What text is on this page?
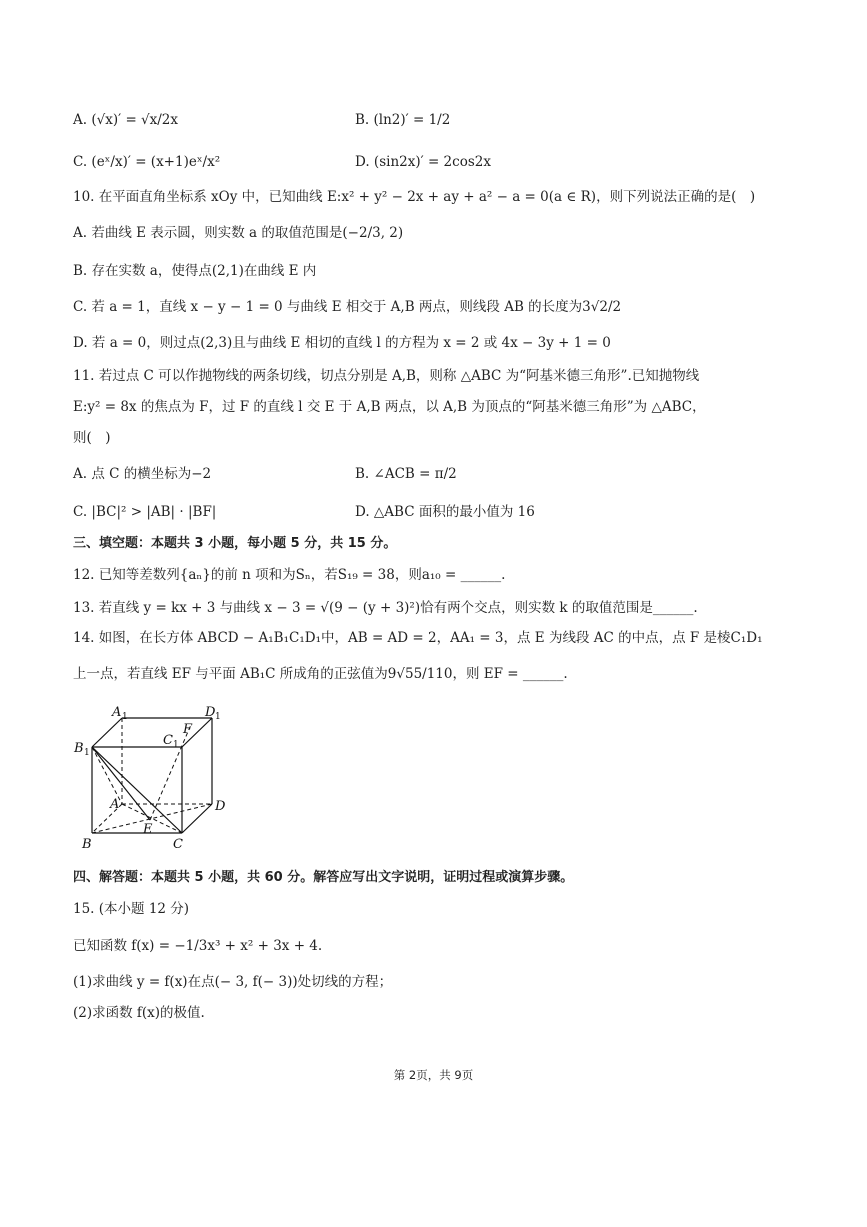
A. (√x)′ = √x/2x	B. (ln2)′ = 1/2
C. (eˣ/x)′ = (x+1)eˣ/x²	D. (sin2x)′ = 2cos2x
10. 在平面直角坐标系 xOy 中，已知曲线 E:x² + y² − 2x + ay + a² − a = 0(a ∈ R)，则下列说法正确的是(　)
A. 若曲线 E 表示圆，则实数 a 的取值范围是(−2/3, 2)
B. 存在实数 a，使得点(2,1)在曲线 E 内
C. 若 a = 1，直线 x − y − 1 = 0 与曲线 E 相交于 A,B 两点，则线段 AB 的长度为3√2/2
D. 若 a = 0，则过点(2,3)且与曲线 E 相切的直线 l 的方程为 x = 2 或 4x − 3y + 1 = 0
11. 若过点 C 可以作抛物线的两条切线，切点分别是 A,B，则称 △ABC 为“阿基米德三角形”.已知抛物线
E:y² = 8x 的焦点为 F，过 F 的直线 l 交 E 于 A,B 两点，以 A,B 为顶点的“阿基米德三角形”为 △ABC，
则(　)
A. 点 C 的横坐标为−2	B. ∠ACB = π/2
C. |BC|² > |AB| · |BF|	D. △ABC 面积的最小值为 16
三、填空题：本题共 3 小题，每小题 5 分，共 15 分。
12. 已知等差数列{aₙ}的前 n 项和为Sₙ，若S₁₉ = 38，则a₁₀ = ______.
13. 若直线 y = kx + 3 与曲线 x − 3 = √(9 − (y + 3)²)恰有两个交点，则实数 k 的取值范围是______.
14. 如图，在长方体 ABCD − A₁B₁C₁D₁中，AB = AD = 2，AA₁ = 3，点 E 为线段 AC 的中点，点 F 是棱C₁D₁
上一点，若直线 EF 与平面 AB₁C 所成角的正弦值为9√55/110，则 EF = ______.
A 1	D 1
B 1
C 1
F
A	D
E
B	C
四、解答题：本题共 5 小题，共 60 分。解答应写出文字说明，证明过程或演算步骤。
15. (本小题 12 分)
已知函数 f(x) = −1/3x³ + x² + 3x + 4.
(1)求曲线 y = f(x)在点(− 3, f(− 3))处切线的方程；
(2)求函数 f(x)的极值.
第 2页，共 9页
